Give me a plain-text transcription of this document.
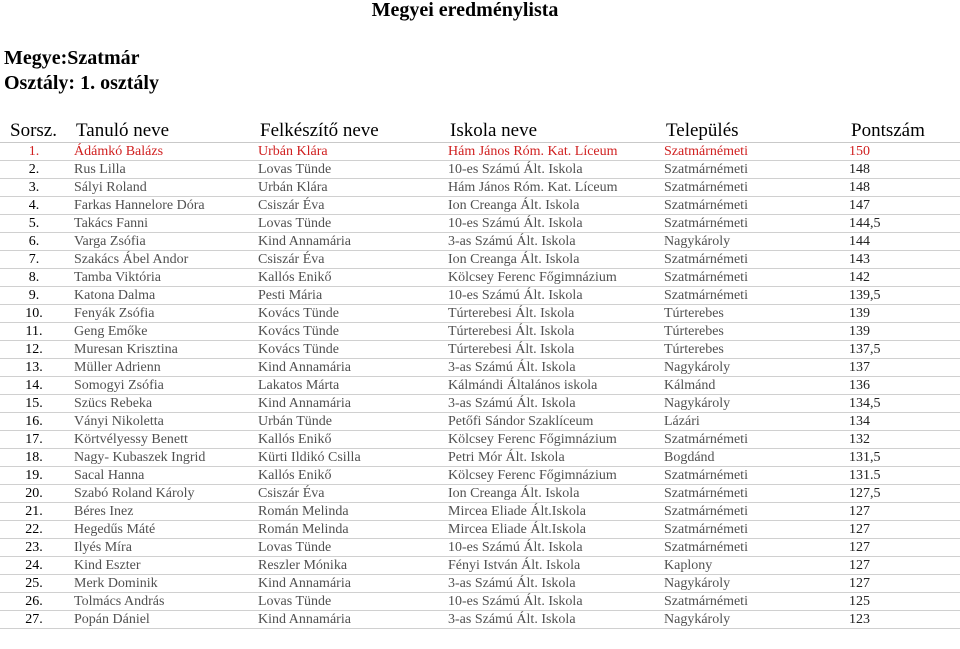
Megyei eredménylista
Megye:Szatmár
Osztály: 1. osztály
Sorsz.	Tanuló neve	Felkészítő neve	Iskola neve	Település	Pontszám
1.	Ádámkó Balázs	Urbán Klára	Hám János Róm. Kat. Líceum	Szatmárnémeti	150
2.	Rus Lilla	Lovas Tünde	10-es Számú Ált. Iskola	Szatmárnémeti	148
3.	Sályi Roland	Urbán Klára	Hám János Róm. Kat. Líceum	Szatmárnémeti	148
4.	Farkas Hannelore Dóra	Csiszár Éva	Ion Creanga Ált. Iskola	Szatmárnémeti	147
5.	Takács Fanni	Lovas Tünde	10-es Számú Ált. Iskola	Szatmárnémeti	144,5
6.	Varga Zsófia	Kind Annamária	3-as Számú Ált. Iskola	Nagykároly	144
7.	Szakács Ábel Andor	Csiszár Éva	Ion Creanga Ált. Iskola	Szatmárnémeti	143
8.	Tamba Viktória	Kallós Enikő	Kölcsey Ferenc Főgimnázium	Szatmárnémeti	142
9.	Katona Dalma	Pesti Mária	10-es Számú Ált. Iskola	Szatmárnémeti	139,5
10.	Fenyák Zsófia	Kovács Tünde	Túrterebesi Ált. Iskola	Túrterebes	139
11.	Geng Emőke	Kovács Tünde	Túrterebesi Ált. Iskola	Túrterebes	139
12.	Muresan Krisztina	Kovács Tünde	Túrterebesi Ált. Iskola	Túrterebes	137,5
13.	Müller Adrienn	Kind Annamária	3-as Számú Ált. Iskola	Nagykároly	137
14.	Somogyi Zsófia	Lakatos Márta	Kálmándi Általános iskola	Kálmánd	136
15.	Szücs Rebeka	Kind Annamária	3-as Számú Ált. Iskola	Nagykároly	134,5
16.	Ványi Nikoletta	Urbán Tünde	Petőfi Sándor Szaklíceum	Lázári	134
17.	Körtvélyessy Benett	Kallós Enikő	Kölcsey Ferenc Főgimnázium	Szatmárnémeti	132
18.	Nagy- Kubaszek Ingrid	Kürti Ildikó Csilla	Petri Mór Ált. Iskola	Bogdánd	131,5
19.	Sacal Hanna	Kallós Enikő	Kölcsey Ferenc Főgimnázium	Szatmárnémeti	131.5
20.	Szabó Roland Károly	Csiszár Éva	Ion Creanga Ált. Iskola	Szatmárnémeti	127,5
21.	Béres Inez	Román Melinda	Mircea Eliade Ált.Iskola	Szatmárnémeti	127
22.	Hegedűs Máté	Román Melinda	Mircea Eliade Ált.Iskola	Szatmárnémeti	127
23.	Ilyés Míra	Lovas Tünde	10-es Számú Ált. Iskola	Szatmárnémeti	127
24.	Kind Eszter	Reszler Mónika	Fényi István Ált. Iskola	Kaplony	127
25.	Merk Dominik	Kind Annamária	3-as Számú Ált. Iskola	Nagykároly	127
26.	Tolmács András	Lovas Tünde	10-es Számú Ált. Iskola	Szatmárnémeti	125
27.	Popán Dániel	Kind Annamária	3-as Számú Ált. Iskola	Nagykároly	123
